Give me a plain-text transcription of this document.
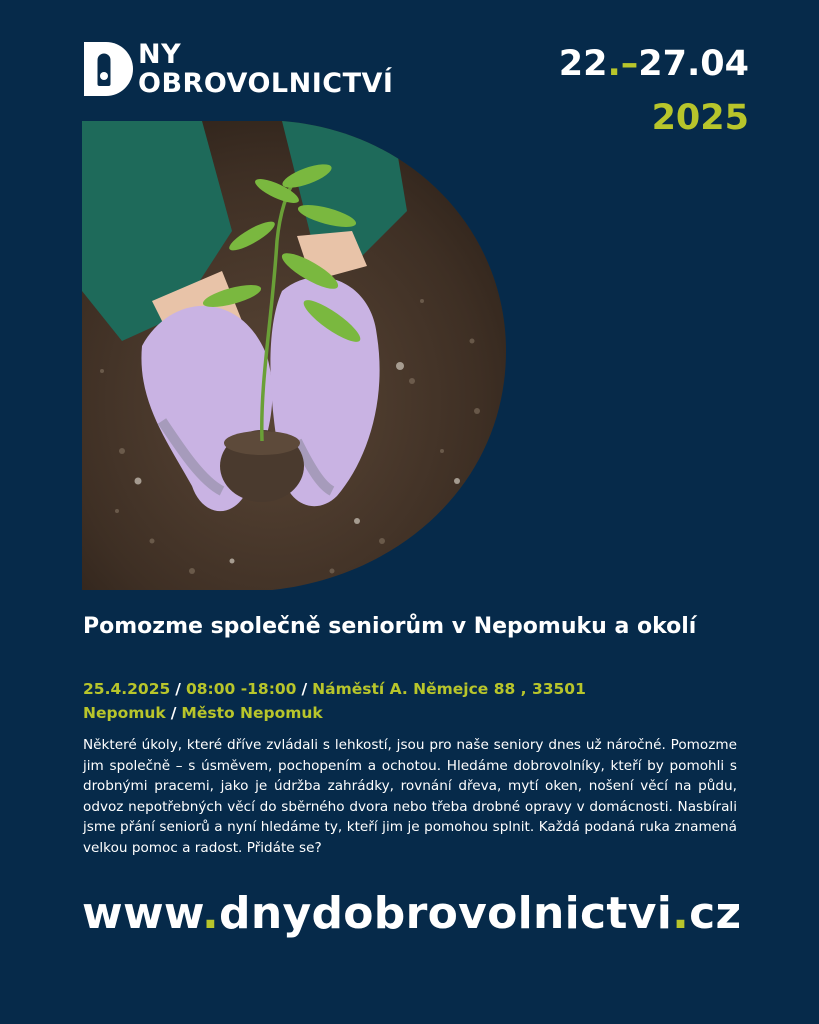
NY
OBROVOLNICTVÍ	22.–27.04
2025
Pomozme společně seniorům v Nepomuku a okolí
25.4.2025 / 08:00 -18:00 / Náměstí A. Němejce 88 , 33501 Nepomuk / Město Nepomuk

Některé úkoly, které dříve zvládali s lehkostí, jsou pro naše seniory dnes už náročné. Pomozme jim společně – s úsměvem, pochopením a ochotou. Hledáme dobrovolníky, kteří by pomohli s drobnými pracemi, jako je údržba zahrádky, rovnání dřeva, mytí oken, nošení věcí na půdu, odvoz nepotřebných věcí do sběrného dvora nebo třeba drobné opravy v domácnosti. Nasbírali jsme přání seniorů a nyní hledáme ty, kteří jim je pomohou splnit. Každá podaná ruka znamená velkou pomoc a radost. Přidáte se?

www.dnydobrovolnictvi.cz
